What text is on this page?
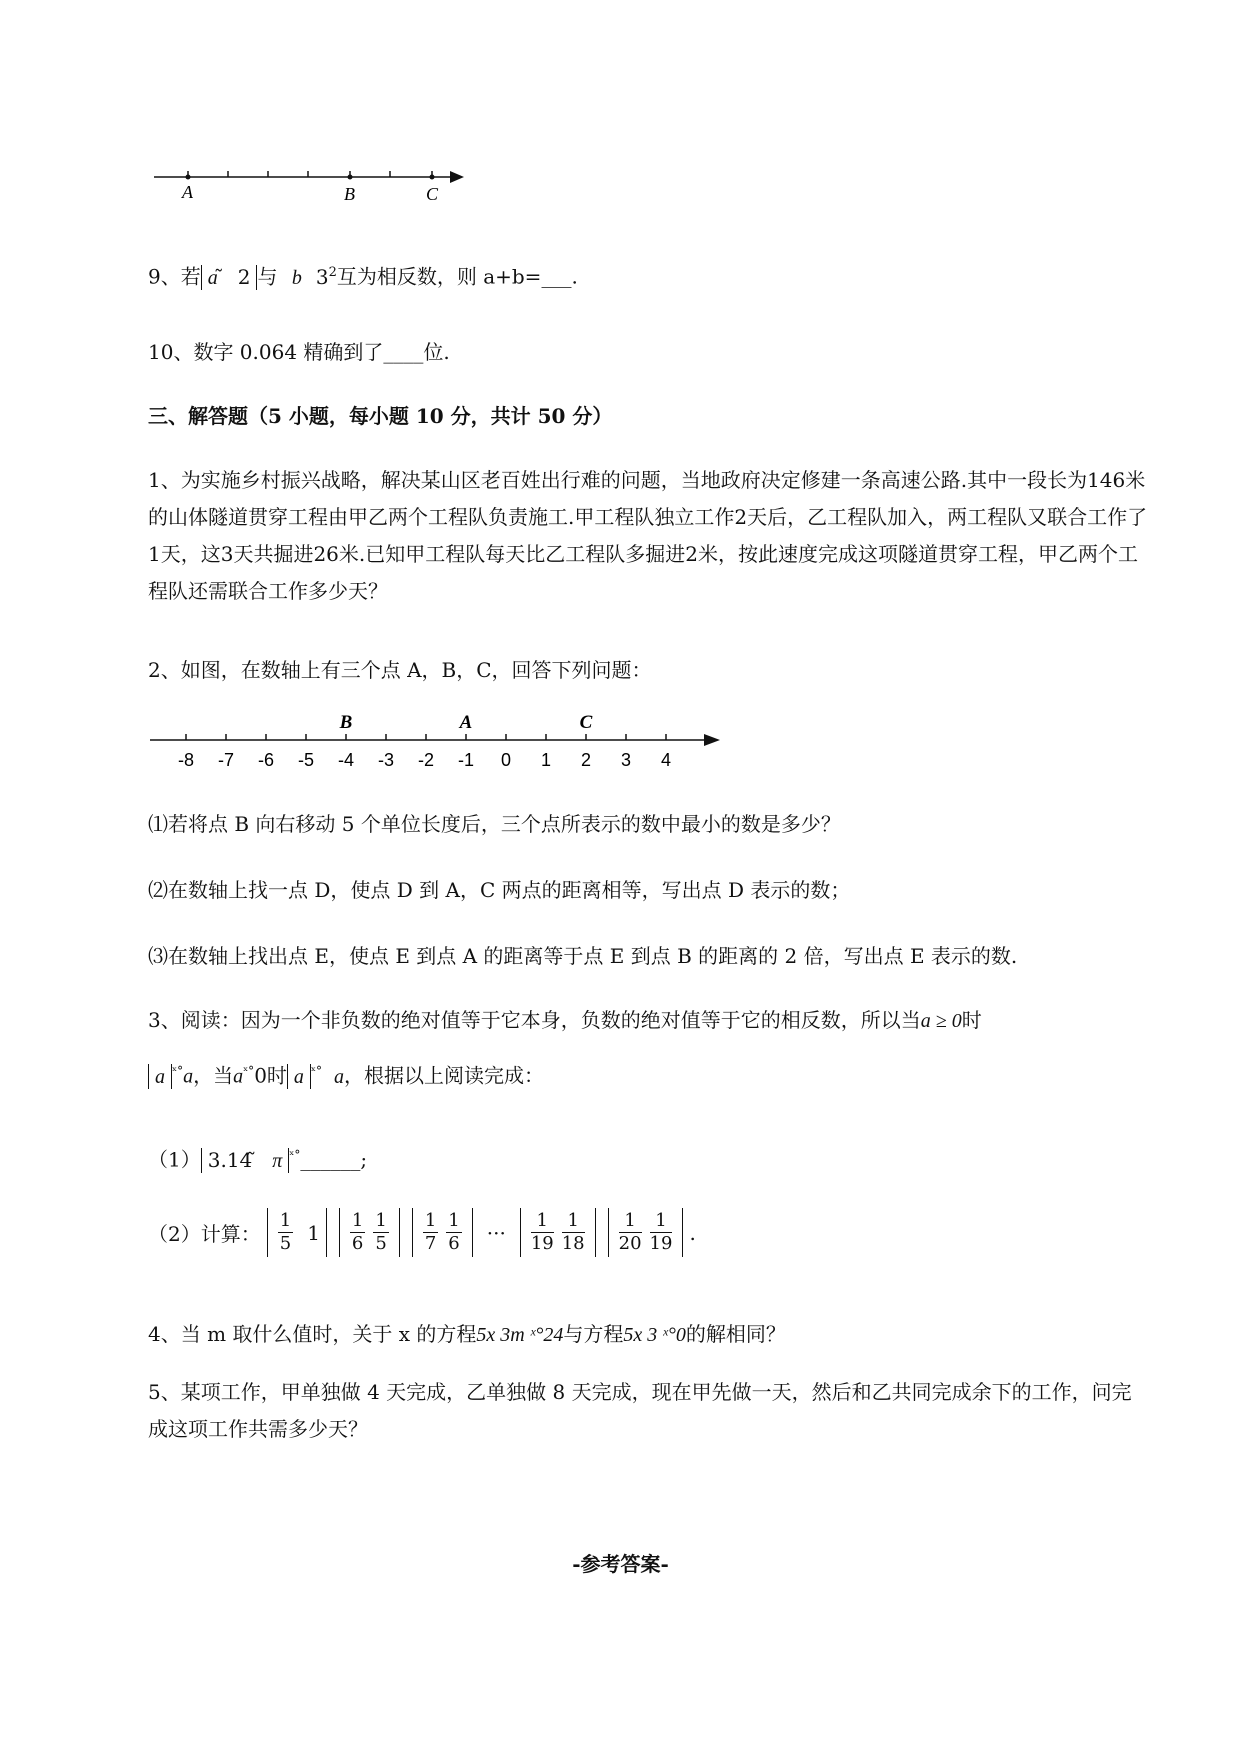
A	B	C
9、若 a 2 与 b $3^2$互为相反数，则 a+b=___.
10、数字 0.064 精确到了____位.
三、解答题（5 小题，每小题 10 分，共计 50 分）
1、为实施乡村振兴战略，解决某山区老百姓出行难的问题，当地政府决定修建一条高速公路.其中一段长为146米的山体隧道贯穿工程由甲乙两个工程队负责施工.甲工程队独立工作2天后，乙工程队加入，两工程队又联合工作了1天，这3天共掘进26米.已知甲工程队每天比乙工程队多掘进2米，按此速度完成这项隧道贯穿工程，甲乙两个工程队还需联合工作多少天？
2、如图，在数轴上有三个点 A，B，C，回答下列问题：
-8 -7 -6 -5 -4 -3 -2 -1 0 1 2 3 4
B	A	C
⑴若将点 B 向右移动 5 个单位长度后，三个点所表示的数中最小的数是多少？
⑵在数轴上找一点 D，使点 D 到 A，C 两点的距离相等，写出点 D 表示的数；
⑶在数轴上找出点 E，使点 E 到点 A 的距离等于点 E 到点 B 的距离的 2 倍，写出点 E 表示的数.
3、阅读：因为一个非负数的绝对值等于它本身，负数的绝对值等于它的相反数，所以当a ≥ 0时
a $^{ˣ^\circ}$a，当$a^{ˣ^\circ}0$时 a $^{ˣ^\circ}$ a，根据以上阅读完成：
（1） 3.14 π $^{ˣ^\circ}$______;
（2）计算： $\frac{1}{5} 1 \frac{1}{6} \frac{1}{5} \frac{1}{7} \frac{1}{6}$ ··· $\frac{1}{19} \frac{1}{18} \frac{1}{20} \frac{1}{19}$ .
4、当 m 取什么值时，关于 x 的方程5x 3m ˣ°24与方程5x 3 ˣ°0的解相同？
5、某项工作，甲单独做 4 天完成，乙单独做 8 天完成，现在甲先做一天，然后和乙共同完成余下的工作，问完成这项工作共需多少天？
-参考答案-
